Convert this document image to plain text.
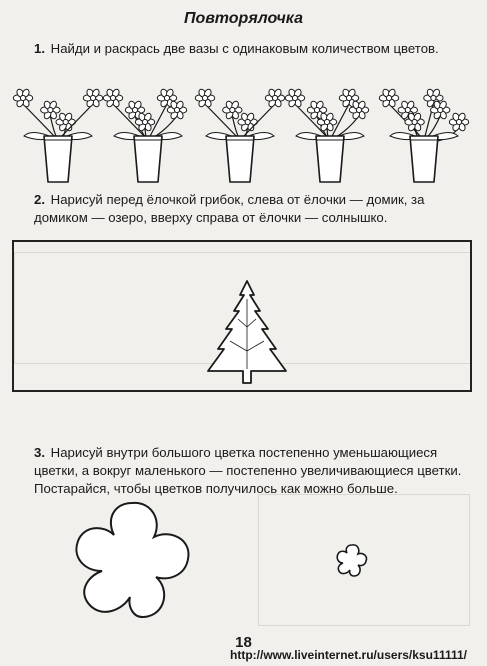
Повторялочка

1. Найди и раскрась две вазы с одинаковым количеством цветов.

2. Нарисуй перед ёлочкой грибок, слева от ёлочки — домик, за домиком — озеро, вверху справа от ёлочки — солнышко.

3. Нарисуй внутри большого цветка постепенно уменьшающиеся цветки, а вокруг маленького — постепенно увеличивающиеся цветки. Постарайся, чтобы цветков получилось как можно больше.

18
http://www.liveinternet.ru/users/ksu11111/
